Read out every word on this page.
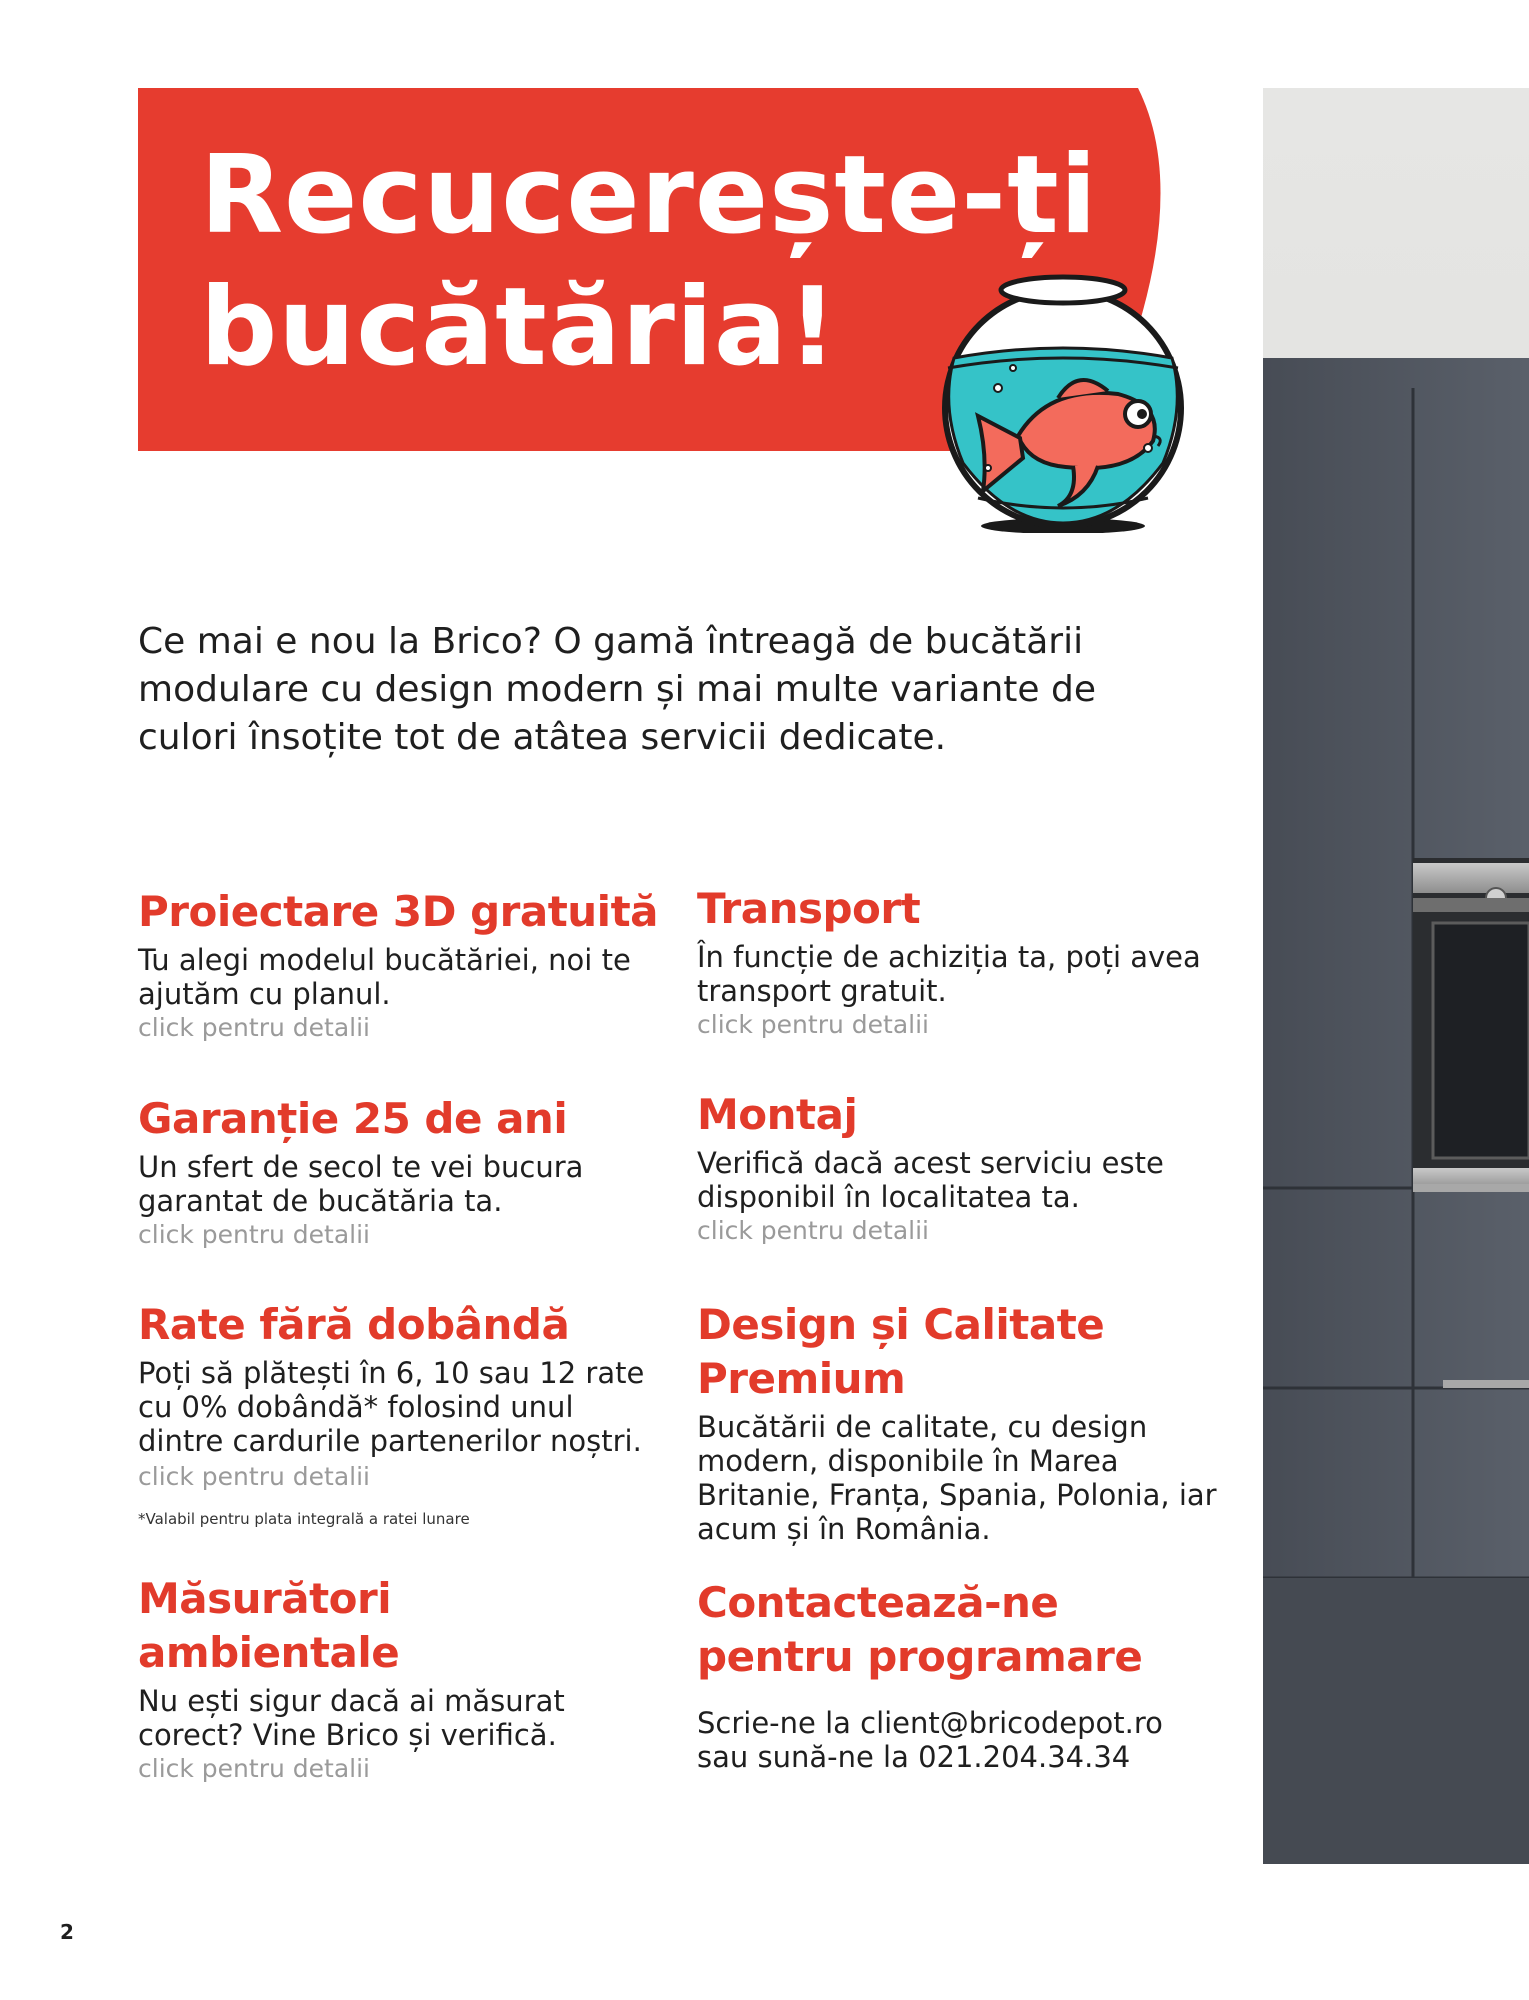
Recucerește-ți
bucătăria!

Ce mai e nou la Brico? O gamă întreagă de bucătării modulare cu design modern și mai multe variante de culori însoțite tot de atâtea servicii dedicate.

Proiectare 3D gratuită

Tu alegi modelul bucătăriei, noi te ajutăm cu planul.
click pentru detalii

Garanție 25 de ani

Un sfert de secol te vei bucura garantat de bucătăria ta.
click pentru detalii

Rate fără dobândă

Poți să plătești în 6, 10 sau 12 rate cu 0% dobândă* folosind unul dintre cardurile partenerilor noștri. click pentru detalii
*Valabil pentru plata integrală a ratei lunare

Măsurători ambientale

Nu ești sigur dacă ai măsurat corect? Vine Brico și verifică.
click pentru detalii

Transport

În funcție de achiziția ta, poți avea transport gratuit.
click pentru detalii

Montaj

Verifică dacă acest serviciu este disponibil în localitatea ta.
click pentru detalii

Design și Calitate Premium

Bucătării de calitate, cu design modern, disponibile în Marea Britanie, Franța, Spania, Polonia, iar acum și în România.

Contactează-ne pentru programare

Scrie-ne la client@bricodepot.ro
sau sună-ne la 021.204.34.34

2
